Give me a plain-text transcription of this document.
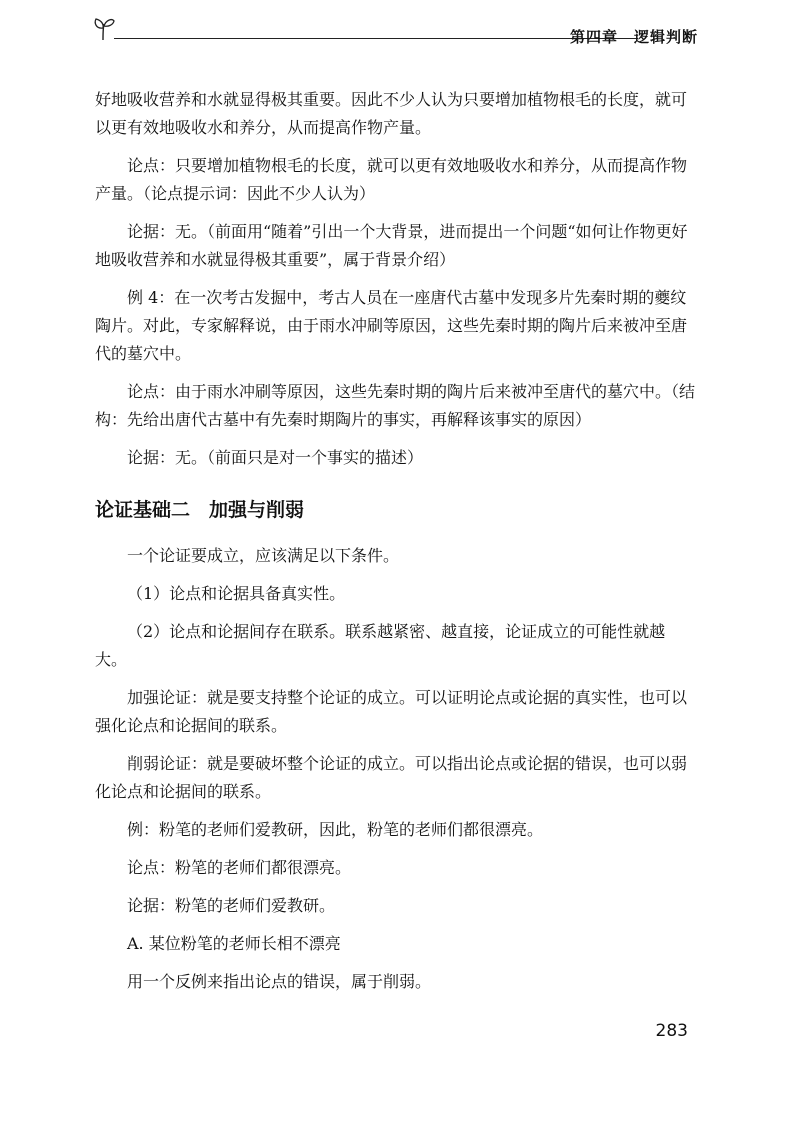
第四章　逻辑判断

好地吸收营养和水就显得极其重要。因此不少人认为只要增加植物根毛的长度，就可以更有效地吸收水和养分，从而提高作物产量。

论点：只要增加植物根毛的长度，就可以更有效地吸收水和养分，从而提高作物产量。（论点提示词：因此不少人认为）

论据：无。（前面用“随着”引出一个大背景，进而提出一个问题“如何让作物更好地吸收营养和水就显得极其重要”，属于背景介绍）

例 4：在一次考古发掘中，考古人员在一座唐代古墓中发现多片先秦时期的夔纹陶片。对此，专家解释说，由于雨水冲刷等原因，这些先秦时期的陶片后来被冲至唐代的墓穴中。

论点：由于雨水冲刷等原因，这些先秦时期的陶片后来被冲至唐代的墓穴中。（结构：先给出唐代古墓中有先秦时期陶片的事实，再解释该事实的原因）

论据：无。（前面只是对一个事实的描述）

论证基础二　加强与削弱

一个论证要成立，应该满足以下条件。

（1）论点和论据具备真实性。

（2）论点和论据间存在联系。联系越紧密、越直接，论证成立的可能性就越大。

加强论证：就是要支持整个论证的成立。可以证明论点或论据的真实性，也可以强化论点和论据间的联系。

削弱论证：就是要破坏整个论证的成立。可以指出论点或论据的错误，也可以弱化论点和论据间的联系。

例：粉笔的老师们爱教研，因此，粉笔的老师们都很漂亮。

论点：粉笔的老师们都很漂亮。

论据：粉笔的老师们爱教研。

A. 某位粉笔的老师长相不漂亮

用一个反例来指出论点的错误，属于削弱。

283
